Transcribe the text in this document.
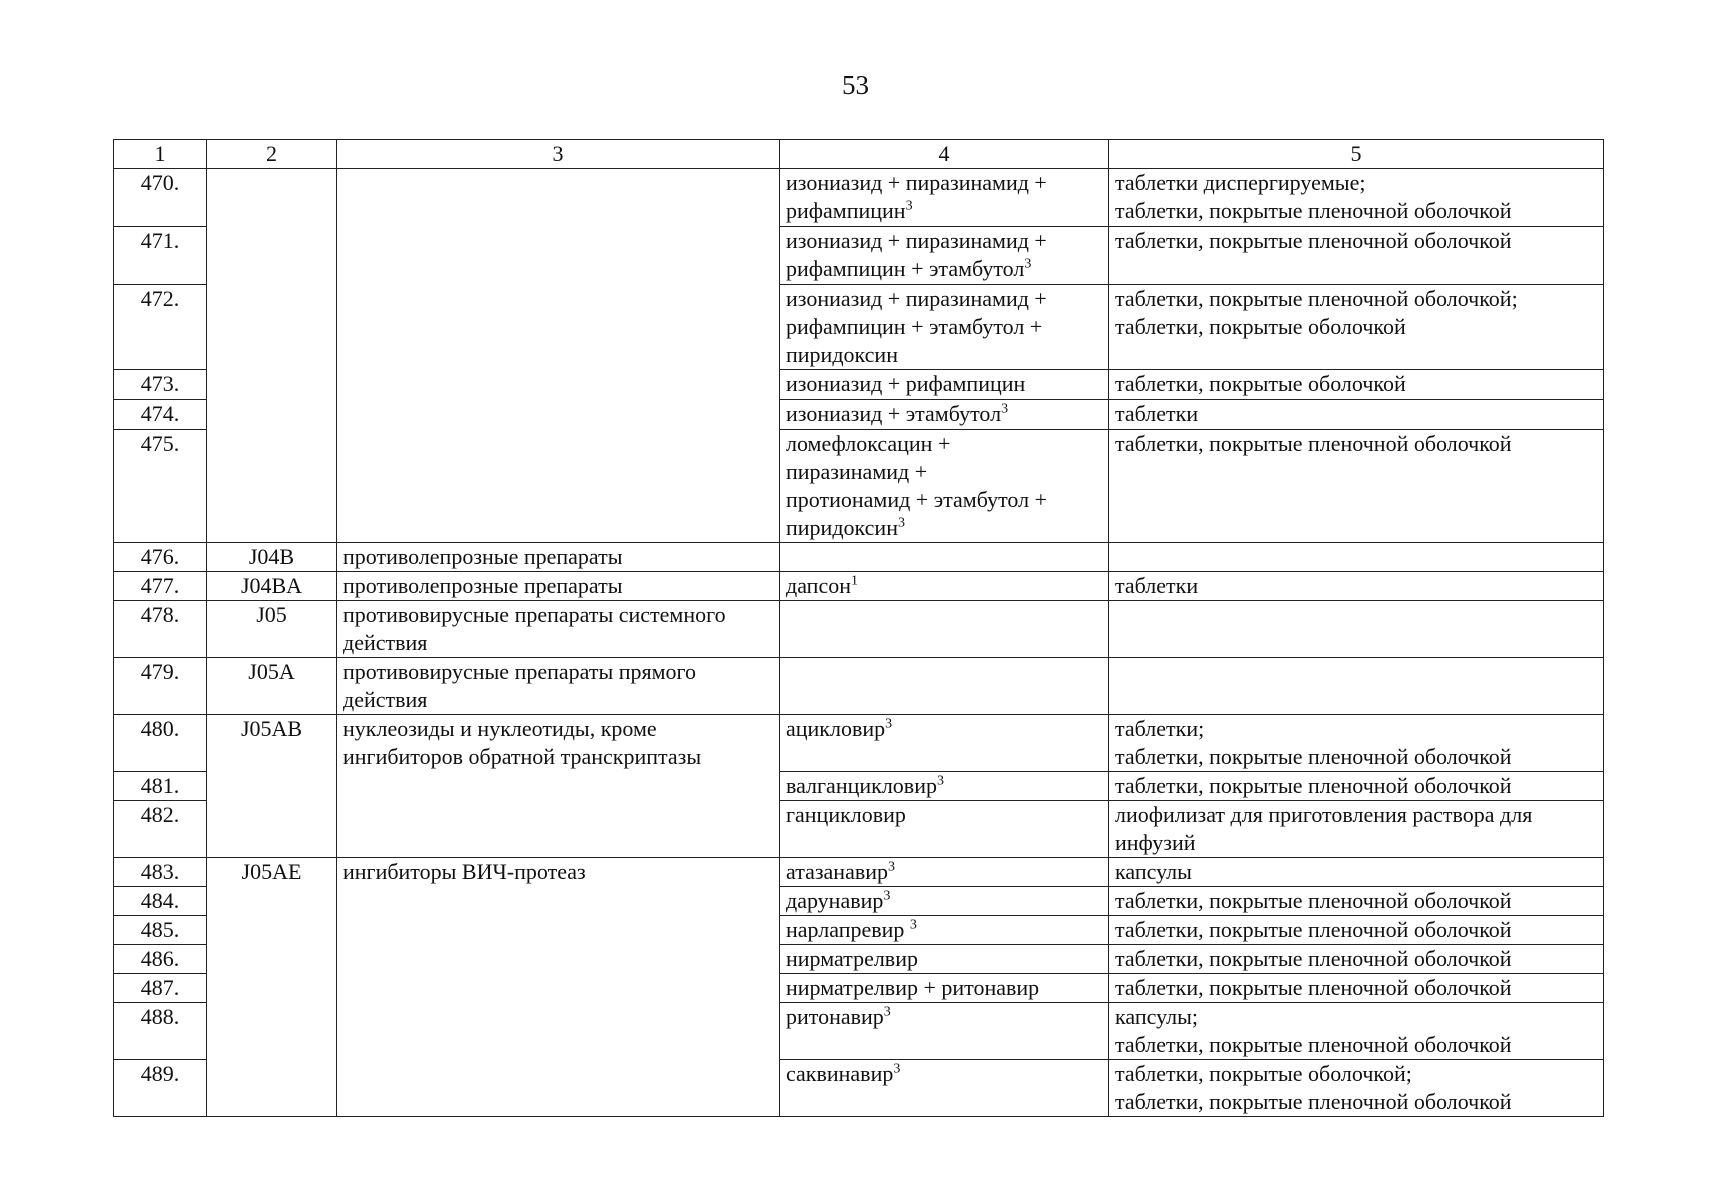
53
1	2	3	4	5
470.			изониазид + пиразинамид +
рифампицин$^3$	таблетки диспергируемые;
таблетки, покрытые пленочной оболочкой

471.			изониазид + пиразинамид +
рифампицин + этамбутол$^3$	таблетки, покрытые пленочной оболочкой

472.			изониазид + пиразинамид +
рифампицин + этамбутол +
пиридоксин	таблетки, покрытые пленочной оболочкой;
таблетки, покрытые оболочкой

473.			изониазид + рифампицин	таблетки, покрытые оболочкой

474.			изониазид + этамбутол$^3$	таблетки

475.			ломефлоксацин +
пиразинамид +
протионамид + этамбутол +
пиридоксин$^3$	таблетки, покрытые пленочной оболочкой

476.	J04B	противолепрозные препараты		

477.	J04BA	противолепрозные препараты	дапсон$^1$	таблетки

478.	J05	противовирусные препараты системного
действия		

479.	J05A	противовирусные препараты прямого
действия		

480.	J05AB	нуклеозиды и нуклеотиды, кроме
ингибиторов обратной транскриптазы	ацикловир$^3$	таблетки;
таблетки, покрытые пленочной оболочкой

481.			валганцикловир$^3$	таблетки, покрытые пленочной оболочкой

482.			ганцикловир	лиофилизат для приготовления раствора для
инфузий

483.	J05AE	ингибиторы ВИЧ-протеаз	атазанавир$^3$	капсулы

484.			дарунавир$^3$	таблетки, покрытые пленочной оболочкой

485.			нарлапревир $^3$	таблетки, покрытые пленочной оболочкой

486.			нирматрелвир	таблетки, покрытые пленочной оболочкой

487.			нирматрелвир + ритонавир	таблетки, покрытые пленочной оболочкой

488.			ритонавир$^3$	капсулы;
таблетки, покрытые пленочной оболочкой

489.			саквинавир$^3$	таблетки, покрытые оболочкой;
таблетки, покрытые пленочной оболочкой
